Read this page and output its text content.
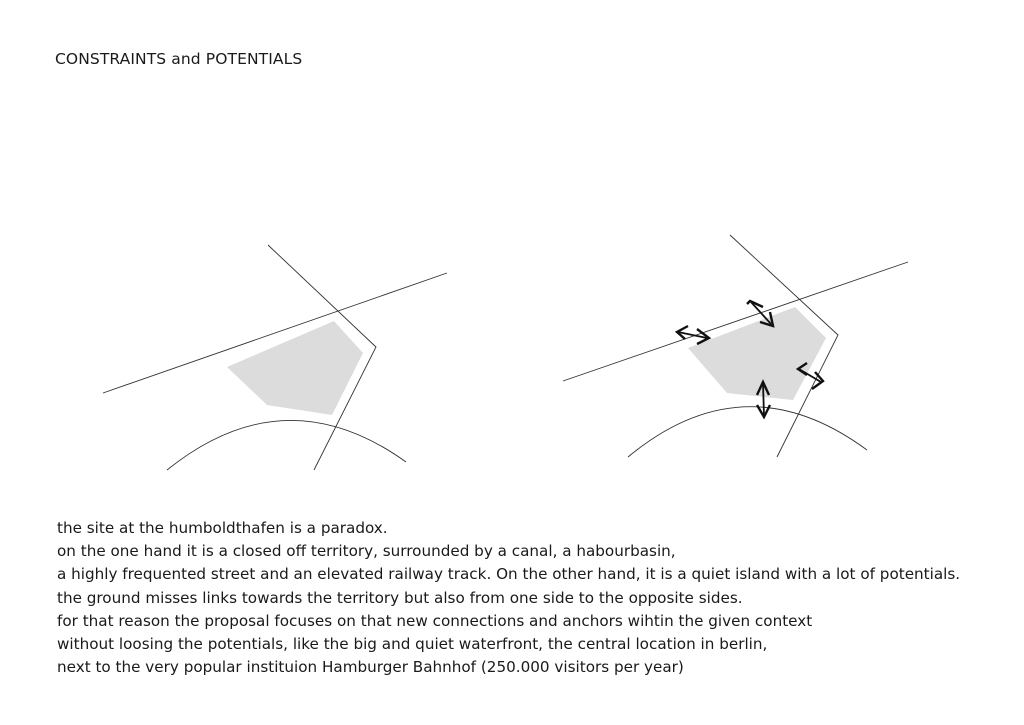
CONSTRAINTS and POTENTIALS
the site at the humboldthafen is a paradox.
on the one hand it is a closed off territory, surrounded by a canal, a habourbasin,
a highly frequented street and an elevated railway track. On the other hand, it is a quiet island with a lot of potentials.
the ground misses links towards the territory but also from one side to the opposite sides.
for that reason the proposal focuses on that new connections and anchors wihtin the given context
without loosing the potentials, like the big and quiet waterfront, the central location in berlin,
next to the very popular instituion Hamburger Bahnhof (250.000 visitors per year)
